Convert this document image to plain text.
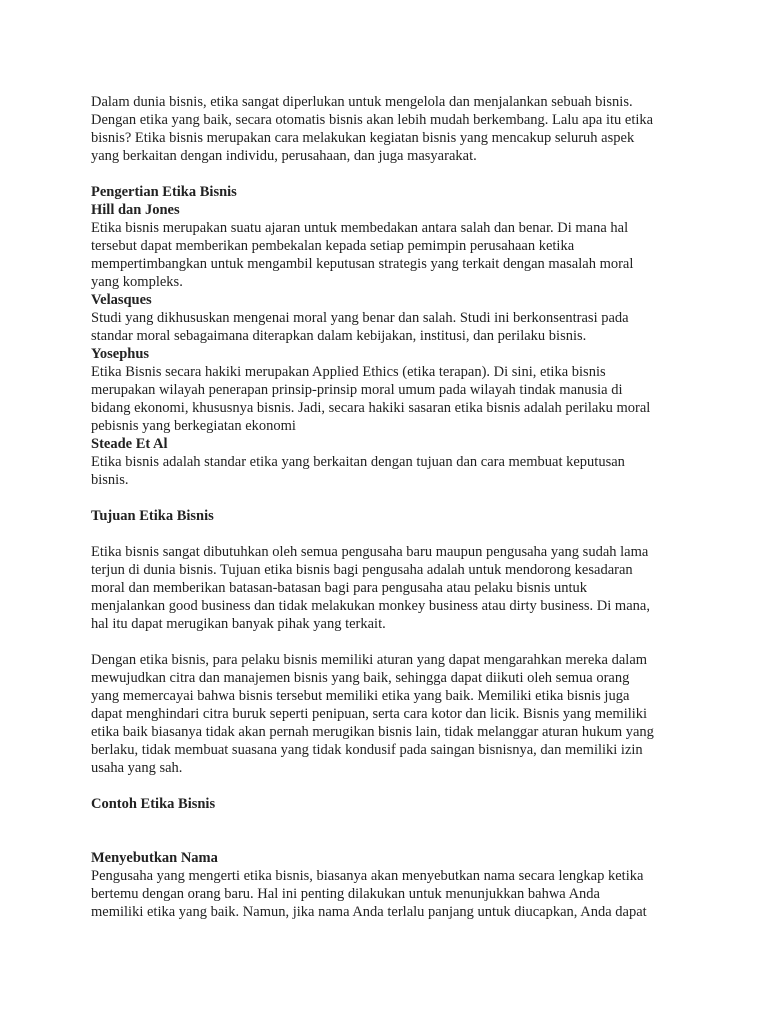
Dalam dunia bisnis, etika sangat diperlukan untuk mengelola dan menjalankan sebuah bisnis.
Dengan etika yang baik, secara otomatis bisnis akan lebih mudah berkembang. Lalu apa itu etika
bisnis? Etika bisnis merupakan cara melakukan kegiatan bisnis yang mencakup seluruh aspek
yang berkaitan dengan individu, perusahaan, dan juga masyarakat.

Pengertian Etika Bisnis

Hill dan Jones

Etika bisnis merupakan suatu ajaran untuk membedakan antara salah dan benar. Di mana hal
tersebut dapat memberikan pembekalan kepada setiap pemimpin perusahaan ketika
mempertimbangkan untuk mengambil keputusan strategis yang terkait dengan masalah moral
yang kompleks.

Velasques

Studi yang dikhususkan mengenai moral yang benar dan salah. Studi ini berkonsentrasi pada
standar moral sebagaimana diterapkan dalam kebijakan, institusi, dan perilaku bisnis.

Yosephus

Etika Bisnis secara hakiki merupakan Applied Ethics (etika terapan). Di sini, etika bisnis
merupakan wilayah penerapan prinsip-prinsip moral umum pada wilayah tindak manusia di
bidang ekonomi, khususnya bisnis. Jadi, secara hakiki sasaran etika bisnis adalah perilaku moral
pebisnis yang berkegiatan ekonomi

Steade Et Al

Etika bisnis adalah standar etika yang berkaitan dengan tujuan dan cara membuat keputusan
bisnis.

Tujuan Etika Bisnis

Etika bisnis sangat dibutuhkan oleh semua pengusaha baru maupun pengusaha yang sudah lama
terjun di dunia bisnis. Tujuan etika bisnis bagi pengusaha adalah untuk mendorong kesadaran
moral dan memberikan batasan-batasan bagi para pengusaha atau pelaku bisnis untuk
menjalankan good business dan tidak melakukan monkey business atau dirty business. Di mana,
hal itu dapat merugikan banyak pihak yang terkait.

Dengan etika bisnis, para pelaku bisnis memiliki aturan yang dapat mengarahkan mereka dalam
mewujudkan citra dan manajemen bisnis yang baik, sehingga dapat diikuti oleh semua orang
yang memercayai bahwa bisnis tersebut memiliki etika yang baik. Memiliki etika bisnis juga
dapat menghindari citra buruk seperti penipuan, serta cara kotor dan licik. Bisnis yang memiliki
etika baik biasanya tidak akan pernah merugikan bisnis lain, tidak melanggar aturan hukum yang
berlaku, tidak membuat suasana yang tidak kondusif pada saingan bisnisnya, dan memiliki izin
usaha yang sah.

Contoh Etika Bisnis

Menyebutkan Nama

Pengusaha yang mengerti etika bisnis, biasanya akan menyebutkan nama secara lengkap ketika
bertemu dengan orang baru. Hal ini penting dilakukan untuk menunjukkan bahwa Anda
memiliki etika yang baik. Namun, jika nama Anda terlalu panjang untuk diucapkan, Anda dapat
